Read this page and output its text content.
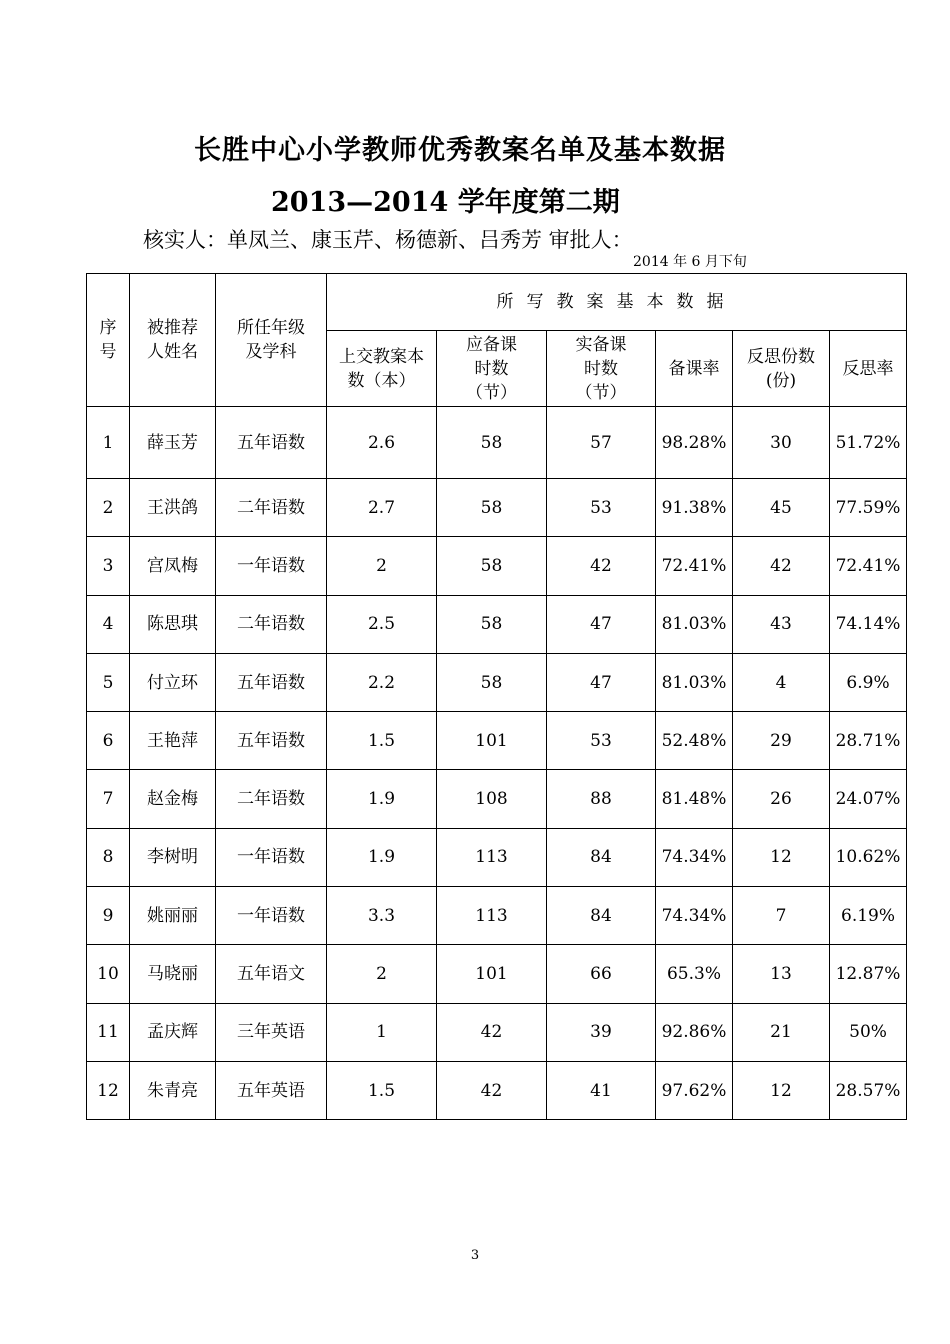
长胜中心小学教师优秀教案名单及基本数据
2013—2014 学年度第二期
核实人：单凤兰、康玉芹、杨德新、吕秀芳 审批人：
2014 年 6 月下旬
序号	被推荐人姓名	所任年级及学科	所写教案基本数据					

			上交教案本数（本）	应备课时数（节）	实备课时数（节）	备课率	反思份数(份)	反思率
1	薛玉芳	五年语数	2.6	58	57	98.28%	30	51.72%
2	王洪鸽	二年语数	2.7	58	53	91.38%	45	77.59%
3	宫凤梅	一年语数	2	58	42	72.41%	42	72.41%
4	陈思琪	二年语数	2.5	58	47	81.03%	43	74.14%
5	付立环	五年语数	2.2	58	47	81.03%	4	6.9%
6	王艳萍	五年语数	1.5	101	53	52.48%	29	28.71%
7	赵金梅	二年语数	1.9	108	88	81.48%	26	24.07%
8	李树明	一年语数	1.9	113	84	74.34%	12	10.62%
9	姚丽丽	一年语数	3.3	113	84	74.34%	7	6.19%
10	马晓丽	五年语文	2	101	66	65.3%	13	12.87%
11	孟庆辉	三年英语	1	42	39	92.86%	21	50%
12	朱青亮	五年英语	1.5	42	41	97.62%	12	28.57%
3
